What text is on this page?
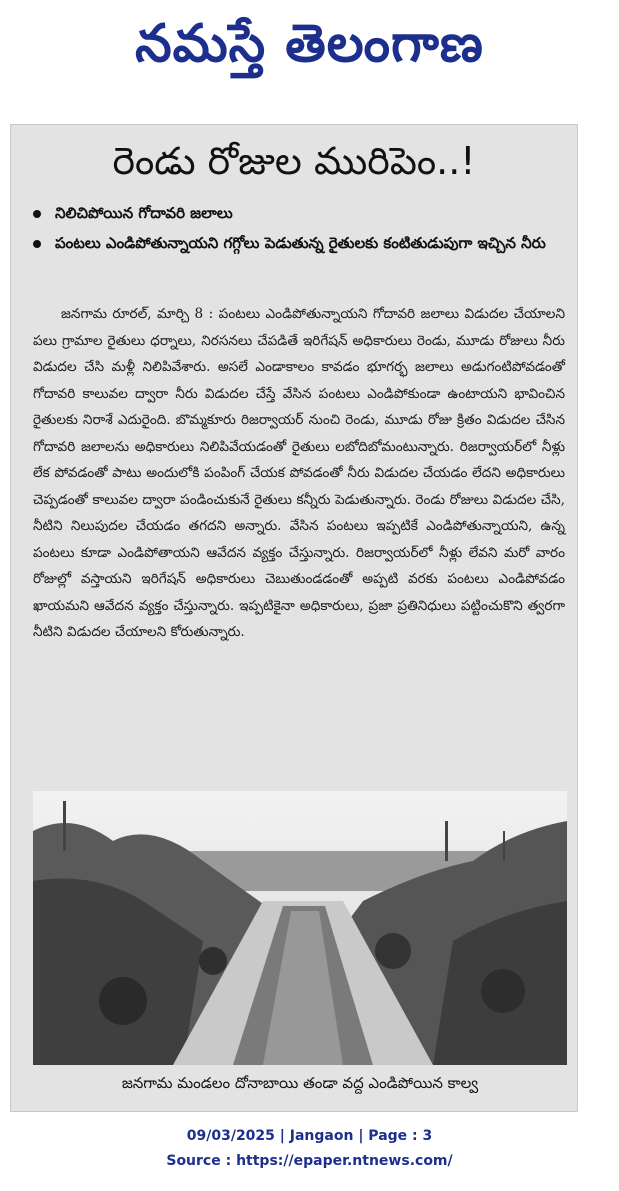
నమస్తే తెలంగాణ
రెండు రోజుల మురిపెం..!
నిలిచిపోయిన గోదావరి జలాలు
పంటలు ఎండిపోతున్నాయని గగ్గోలు పెడుతున్న రైతులకు కంటితుడుపుగా ఇచ్చిన నీరు
జనగామ రూరల్, మార్చి 8 : పంటలు ఎండిపోతున్నాయని గోదావరి జలాలు విడుదల చేయాలని పలు గ్రామాల రైతులు ధర్నాలు, నిరసనలు చేపడితే ఇరిగేషన్ అధికారులు రెండు, మూడు రోజులు నీరు విడుదల చేసి మళ్లీ నిలిపివేశారు. అసలే ఎండాకాలం కావడం భూగర్భ జలాలు అడుగంటిపోవడంతో గోదావరి కాలువల ద్వారా నీరు విడుదల చేస్తే వేసిన పంటలు ఎండిపోకుండా ఉంటాయని భావించిన రైతులకు నిరాశే ఎదురైంది. బొమ్మకూరు రిజర్వాయర్ నుంచి రెండు, మూడు రోజు క్రితం విడుదల చేసిన గోదావరి జలాలను అధికారులు నిలిపివేయడంతో రైతులు లబోదిబోమంటున్నారు. రిజర్వాయర్‌లో నీళ్లు లేక పోవడంతో పాటు అందులోకి పంపింగ్ చేయక పోవడంతో నీరు విడుదల చేయడం లేదని అధికారులు చెప్పడంతో కాలువల ద్వారా పండించుకునే రైతులు కన్నీరు పెడుతున్నారు. రెండు రోజులు విడుదల చేసి, నీటిని నిలుపుదల చేయడం తగదని అన్నారు. వేసిన పంటలు ఇప్పటికే ఎండిపోతున్నాయని, ఉన్న పంటలు కూడా ఎండిపోతాయని ఆవేదన వ్యక్తం చేస్తున్నారు. రిజర్వాయర్‌లో నీళ్లు లేవని మరో వారం రోజుల్లో వస్తాయని ఇరిగేషన్ అధికారులు చెబుతుండడంతో అప్పటి వరకు పంటలు ఎండిపోవడం ఖాయమని ఆవేదన వ్యక్తం చేస్తున్నారు. ఇప్పటికైనా అధికారులు, ప్రజా ప్రతినిధులు పట్టించుకొని త్వరగా నీటిని విడుదల చేయాలని కోరుతున్నారు.
జనగామ మండలం దోనాబాయి తండా వద్ద ఎండిపోయిన కాల్వ
09/03/2025 | Jangaon | Page : 3
Source : https://epaper.ntnews.com/
